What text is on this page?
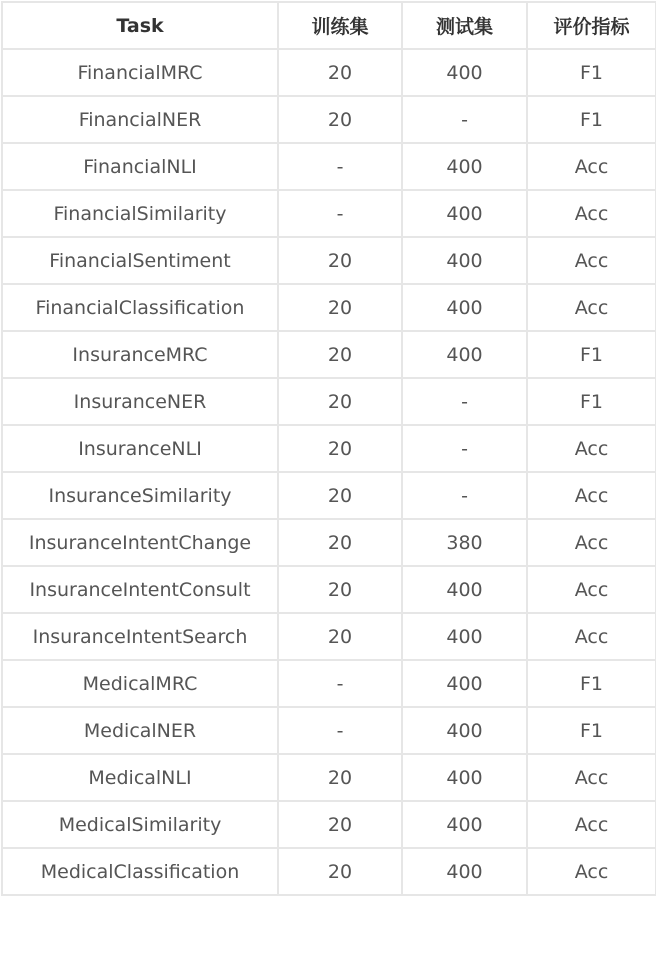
Task	训练集	测试集	评价指标
FinancialMRC	20	400	F1
FinancialNER	20	-	F1
FinancialNLI	-	400	Acc
FinancialSimilarity	-	400	Acc
FinancialSentiment	20	400	Acc
FinancialClassification	20	400	Acc
InsuranceMRC	20	400	F1
InsuranceNER	20	-	F1
InsuranceNLI	20	-	Acc
InsuranceSimilarity	20	-	Acc
InsuranceIntentChange	20	380	Acc
InsuranceIntentConsult	20	400	Acc
InsuranceIntentSearch	20	400	Acc
MedicalMRC	-	400	F1
MedicalNER	-	400	F1
MedicalNLI	20	400	Acc
MedicalSimilarity	20	400	Acc
MedicalClassification	20	400	Acc
